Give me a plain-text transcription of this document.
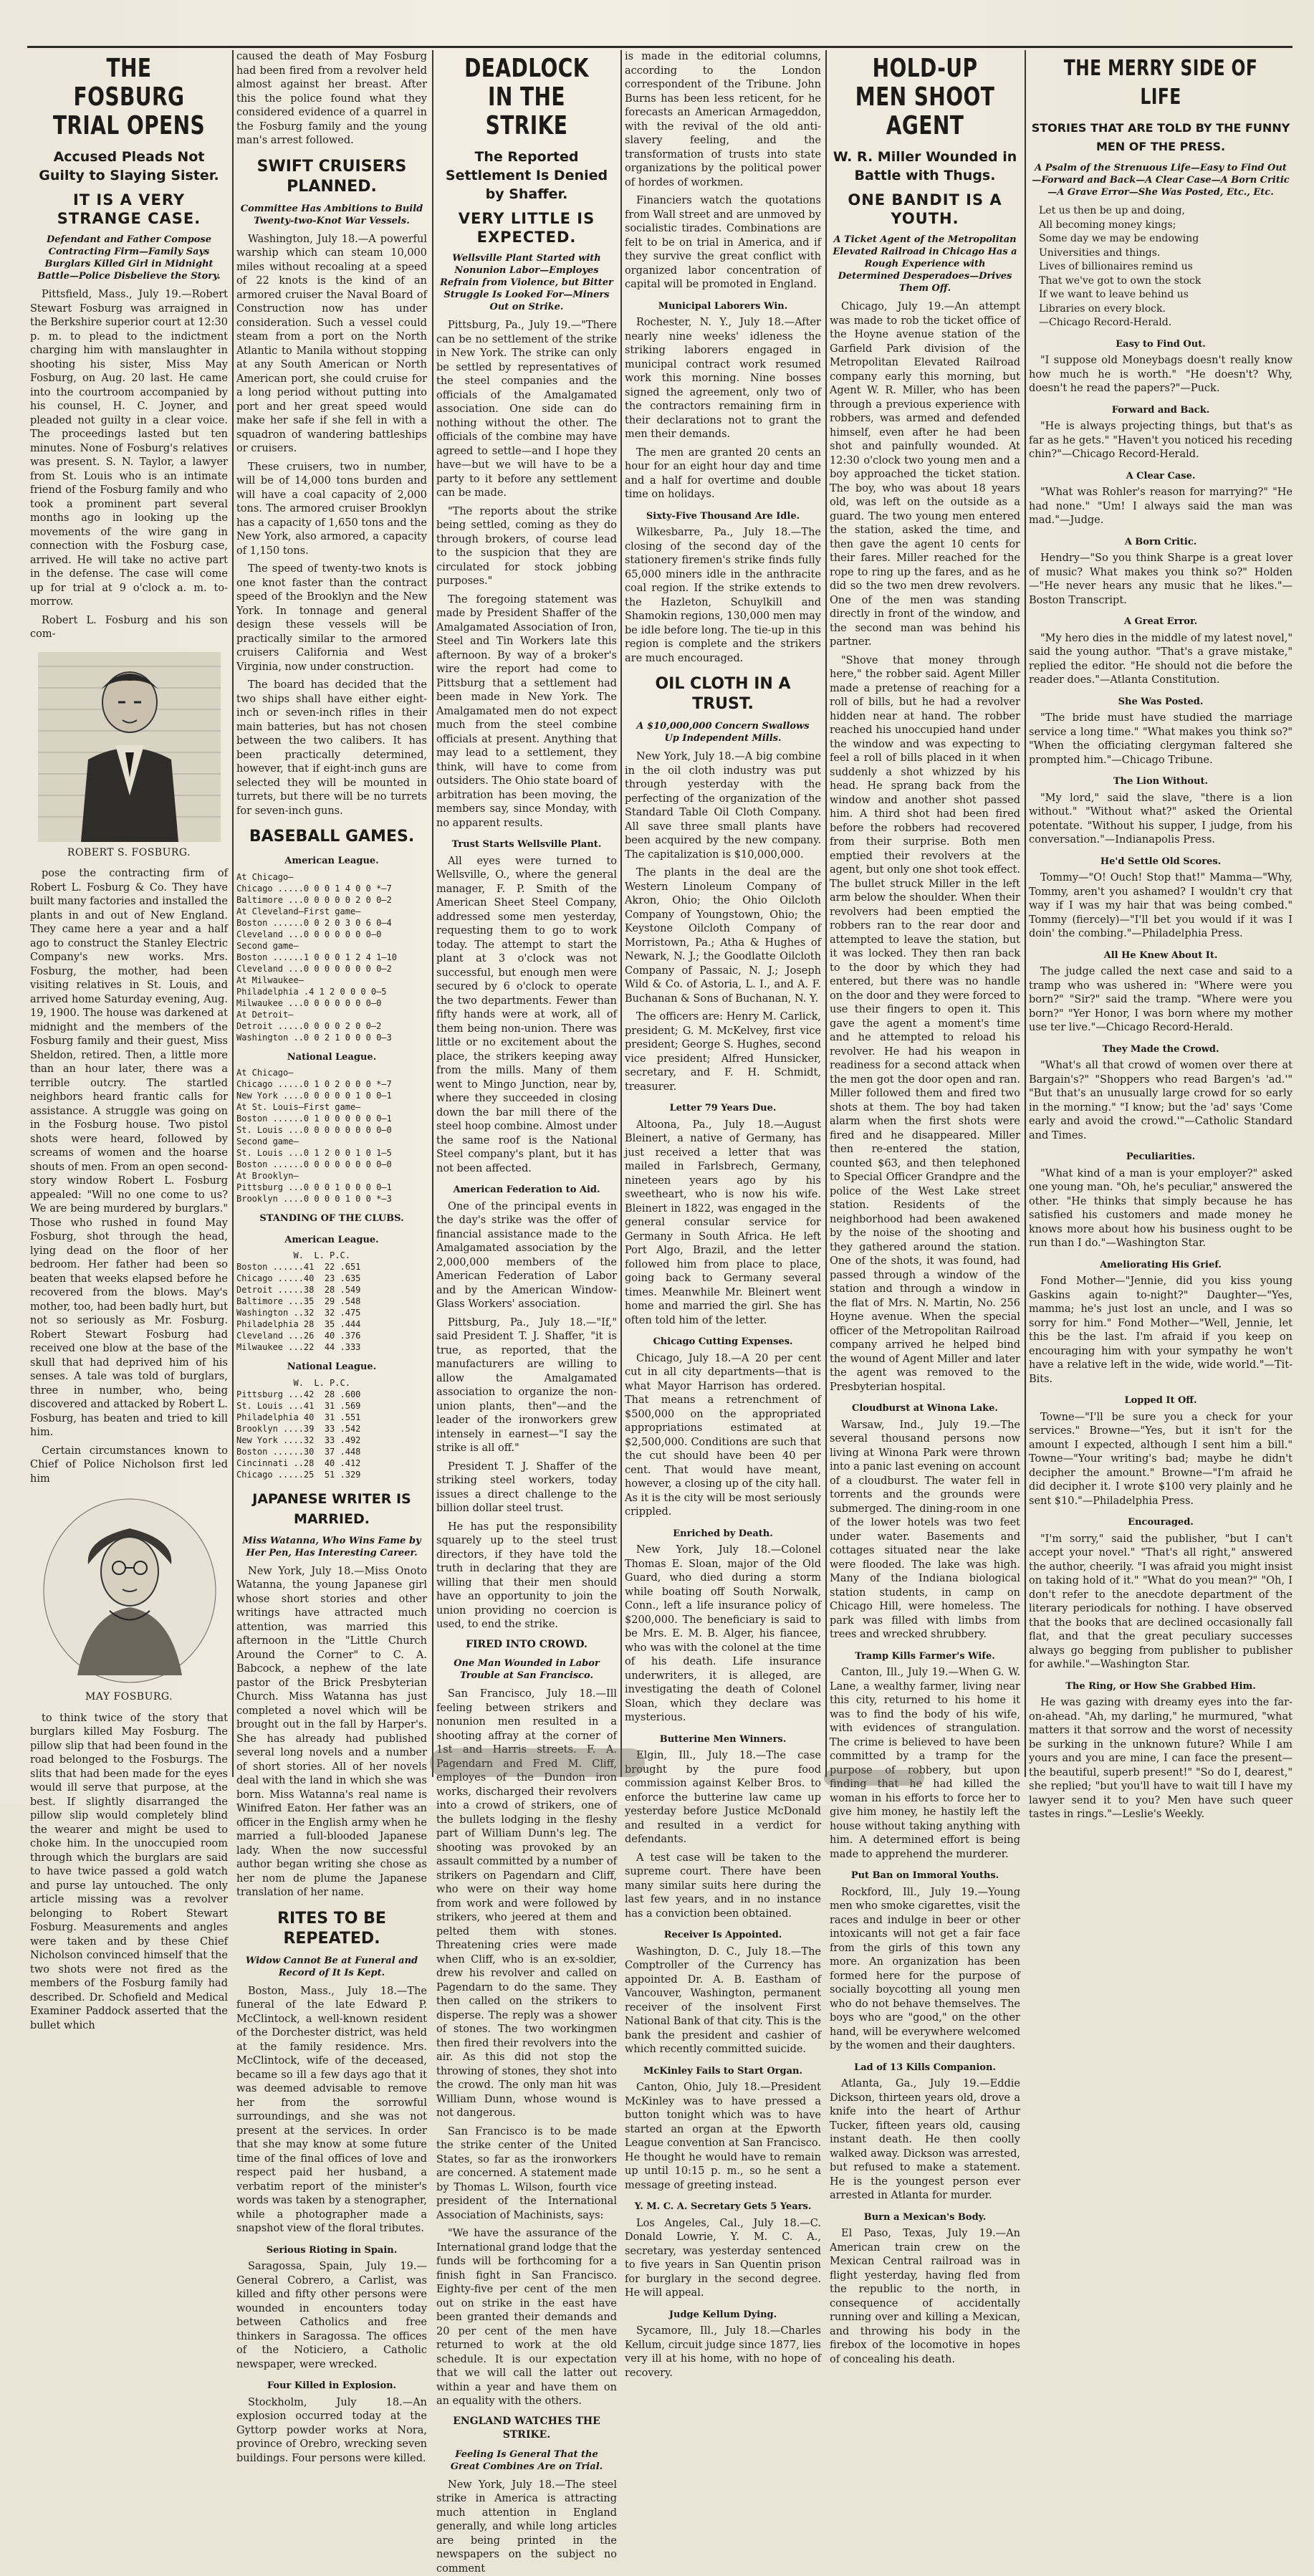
THE FOSBURG TRIAL OPENS
Accused Pleads Not Guilty to Slaying Sister.
IT IS A VERY STRANGE CASE.
Defendant and Father Compose Contracting Firm—Family Says Burglars Killed Girl in Midnight Battle—Police Disbelieve the Story.

Pittsfield, Mass., July 19.—Robert Stewart Fosburg was arraigned in the Berkshire superior court at 12:30 p. m. to plead to the indictment charging him with manslaughter in shooting his sister, Miss May Fosburg, on Aug. 20 last. He came into the courtroom accompanied by his counsel, H. C. Joyner, and pleaded not guilty in a clear voice. The proceedings lasted but ten minutes. None of Fosburg's relatives was present. S. N. Taylor, a lawyer from St. Louis who is an intimate friend of the Fosburg family and who took a prominent part several months ago in looking up the movements of the wire gang in connection with the Fosburg case, arrived. He will take no active part in the defense. The case will come up for trial at 9 o'clock a. m. to-morrow.

Robert L. Fosburg and his son com-

ROBERT S. FOSBURG.

pose the contracting firm of Robert L. Fosburg & Co. They have built many factories and installed the plants in and out of New England. They came here a year and a half ago to construct the Stanley Electric Company's new works. Mrs. Fosburg, the mother, had been visiting relatives in St. Louis, and arrived home Saturday evening, Aug. 19, 1900. The house was darkened at midnight and the members of the Fosburg family and their guest, Miss Sheldon, retired. Then, a little more than an hour later, there was a terrible outcry. The startled neighbors heard frantic calls for assistance. A struggle was going on in the Fosburg house. Two pistol shots were heard, followed by screams of women and the hoarse shouts of men. From an open second-story window Robert L. Fosburg appealed: "Will no one come to us? We are being murdered by burglars." Those who rushed in found May Fosburg, shot through the head, lying dead on the floor of her bedroom. Her father had been so beaten that weeks elapsed before he recovered from the blows. May's mother, too, had been badly hurt, but not so seriously as Mr. Fosburg. Robert Stewart Fosburg had received one blow at the base of the skull that had deprived him of his senses. A tale was told of burglars, three in number, who, being discovered and attacked by Robert L. Fosburg, has beaten and tried to kill him.

Certain circumstances known to Chief of Police Nicholson first led him

MAY FOSBURG.

to think twice of the story that burglars killed May Fosburg. The pillow slip that had been found in the road belonged to the Fosburgs. The slits that had been made for the eyes would ill serve that purpose, at the best. If slightly disarranged the pillow slip would completely blind the wearer and might be used to choke him. In the unoccupied room through which the burglars are said to have twice passed a gold watch and purse lay untouched. The only article missing was a revolver belonging to Robert Stewart Fosburg. Measurements and angles were taken and by these Chief Nicholson convinced himself that the two shots were not fired as the members of the Fosburg family had described. Dr. Schofield and Medical Examiner Paddock asserted that the bullet which

caused the death of May Fosburg had been fired from a revolver held almost against her breast. After this the police found what they considered evidence of a quarrel in the Fosburg family and the young man's arrest followed.

SWIFT CRUISERS PLANNED.
Committee Has Ambitions to Build Twenty-two-Knot War Vessels.

Washington, July 18.—A powerful warship which can steam 10,000 miles without recoaling at a speed of 22 knots is the kind of an armored cruiser the Naval Board of Construction now has under consideration. Such a vessel could steam from a port on the North Atlantic to Manila without stopping at any South American or North American port, she could cruise for a long period without putting into port and her great speed would make her safe if she fell in with a squadron of wandering battleships or cruisers.

These cruisers, two in number, will be of 14,000 tons burden and will have a coal capacity of 2,000 tons. The armored cruiser Brooklyn has a capacity of 1,650 tons and the New York, also armored, a capacity of 1,150 tons.

The speed of twenty-two knots is one knot faster than the contract speed of the Brooklyn and the New York. In tonnage and general design these vessels will be practically similar to the armored cruisers California and West Virginia, now under construction.

The board has decided that the two ships shall have either eight-inch or seven-inch rifles in their main batteries, but has not chosen between the two calibers. It has been practically determined, however, that if eight-inch guns are selected they will be mounted in turrets, but there will be no turrets for seven-inch guns.

BASEBALL GAMES.
American League.
At Chicago—
Chicago .....0 0 0 1 4 0 0 *—7
Baltimore ...0 0 0 0 0 2 0 0—2
At Cleveland—First game—
Boston ......0 0 2 0 3 0 6 0—4
Cleveland ...0 0 0 0 0 0 0—0
Second game—
Boston ......1 0 0 0 1 2 4 1—10
Cleveland ...0 0 0 0 0 0 0 0—2
At Milwaukee—
Philadelphia .4 1 2 0 0 0 0—5
Milwaukee ...0 0 0 0 0 0 0—0
At Detroit—
Detroit .....0 0 0 0 2 0 0—2
Washington ..0 0 2 1 0 0 0 0—3
National League.
At Chicago—
Chicago .....0 1 0 2 0 0 0 *—7
New York ....0 0 0 0 0 1 0 0—1
At St. Louis—First game—
Boston ......0 1 0 0 0 0 0 0—1
St. Louis ...0 0 0 0 0 0 0 0—0
Second game—
St. Louis ...0 1 2 0 0 1 0 1—5
Boston ......0 0 0 0 0 0 0 0—0
At Brooklyn—
Pittsburg ...0 0 0 1 0 0 0 0—1
Brooklyn ....0 0 0 0 1 0 0 *—3
STANDING OF THE CLUBS.
American League.
W.  L. P.C.
Boston ......41  22 .651
Chicago .....40  23 .635
Detroit .....38  28 .549
Baltimore ...35  29 .548
Washington ..32  32 .475
Philadelphia 28  35 .444
Cleveland ...26  40 .376
Milwaukee ...22  44 .333
National League.
W.  L. P.C.
Pittsburg ...42  28 .600
St. Louis ...41  31 .569
Philadelphia 40  31 .551
Brooklyn ....39  33 .542
New York ....32  33 .492
Boston ......30  37 .448
Cincinnati ..28  40 .412
Chicago .....25  51 .329
JAPANESE WRITER IS MARRIED.
Miss Watanna, Who Wins Fame by Her Pen, Has Interesting Career.

New York, July 18.—Miss Onoto Watanna, the young Japanese girl whose short stories and other writings have attracted much attention, was married this afternoon in the "Little Church Around the Corner" to C. A. Babcock, a nephew of the late pastor of the Brick Presbyterian Church. Miss Watanna has just completed a novel which will be brought out in the fall by Harper's. She has already had published several long novels and a number of short stories. All of her novels deal with the land in which she was born. Miss Watanna's real name is Winifred Eaton. Her father was an officer in the English army when he married a full-blooded Japanese lady. When the now successful author began writing she chose as her nom de plume the Japanese translation of her name.

RITES TO BE REPEATED.
Widow Cannot Be at Funeral and Record of It Is Kept.

Boston, Mass., July 18.—The funeral of the late Edward P. McClintock, a well-known resident of the Dorchester district, was held at the family residence. Mrs. McClintock, wife of the deceased, became so ill a few days ago that it was deemed advisable to remove her from the sorrowful surroundings, and she was not present at the services. In order that she may know at some future time of the final offices of love and respect paid her husband, a verbatim report of the minister's words was taken by a stenographer, while a photographer made a snapshot view of the floral tributes.

Serious Rioting in Spain.

Saragossa, Spain, July 19.—General Cobrero, a Carlist, was killed and fifty other persons were wounded in encounters today between Catholics and free thinkers in Saragossa. The offices of the Noticiero, a Catholic newspaper, were wrecked.

Four Killed in Explosion.

Stockholm, July 18.—An explosion occurred today at the Gyttorp powder works at Nora, province of Orebro, wrecking seven buildings. Four persons were killed.

DEADLOCK IN THE STRIKE
The Reported Settlement Is Denied by Shaffer.
VERY LITTLE IS EXPECTED.
Wellsville Plant Started with Nonunion Labor—Employes Refrain from Violence, but Bitter Struggle Is Looked For—Miners Out on Strike.

Pittsburg, Pa., July 19.—"There can be no settlement of the strike in New York. The strike can only be settled by representatives of the steel companies and the officials of the Amalgamated association. One side can do nothing without the other. The officials of the combine may have agreed to settle—and I hope they have—but we will have to be a party to it before any settlement can be made.

"The reports about the strike being settled, coming as they do through brokers, of course lead to the suspicion that they are circulated for stock jobbing purposes."

The foregoing statement was made by President Shaffer of the Amalgamated Association of Iron, Steel and Tin Workers late this afternoon. By way of a broker's wire the report had come to Pittsburg that a settlement had been made in New York. The Amalgamated men do not expect much from the steel combine officials at present. Anything that may lead to a settlement, they think, will have to come from outsiders. The Ohio state board of arbitration has been moving, the members say, since Monday, with no apparent results.

Trust Starts Wellsville Plant.

All eyes were turned to Wellsville, O., where the general manager, F. P. Smith of the American Sheet Steel Company, addressed some men yesterday, requesting them to go to work today. The attempt to start the plant at 3 o'clock was not successful, but enough men were secured by 6 o'clock to operate the two departments. Fewer than fifty hands were at work, all of them being non-union. There was little or no excitement about the place, the strikers keeping away from the mills. Many of them went to Mingo Junction, near by, where they succeeded in closing down the bar mill there of the steel hoop combine. Almost under the same roof is the National Steel company's plant, but it has not been affected.

American Federation to Aid.

One of the principal events in the day's strike was the offer of financial assistance made to the Amalgamated association by the 2,000,000 members of the American Federation of Labor and by the American Window-Glass Workers' association.

Pittsburg, Pa., July 18.—"If," said President T. J. Shaffer, "it is true, as reported, that the manufacturers are willing to allow the Amalgamated association to organize the non-union plants, then"—and the leader of the ironworkers grew intensely in earnest—"I say the strike is all off."

President T. J. Shaffer of the striking steel workers, today issues a direct challenge to the billion dollar steel trust.

He has put the responsibility squarely up to the steel trust directors, if they have told the truth in declaring that they are willing that their men should have an opportunity to join the union providing no coercion is used, to end the strike.

FIRED INTO CROWD.
One Man Wounded in Labor Trouble at San Francisco.

San Francisco, July 18.—Ill feeling between strikers and nonunion men resulted in a shooting affray at the corner of 1st and Harris streets. F. A. Pagendarn and Fred M. Cliff, employes of the Dundon iron works, discharged their revolvers into a crowd of strikers, one of the bullets lodging in the fleshy part of William Dunn's leg. The shooting was provoked by an assault committed by a number of strikers on Pagendarn and Cliff, who were on their way home from work and were followed by strikers, who jeered at them and pelted them with stones. Threatening cries were made when Cliff, who is an ex-soldier, drew his revolver and called on Pagendarn to do the same. They then called on the strikers to disperse. The reply was a shower of stones. The two workingmen then fired their revolvers into the air. As this did not stop the throwing of stones, they shot into the crowd. The only man hit was William Dunn, whose wound is not dangerous.

San Francisco is to be made the strike center of the United States, so far as the ironworkers are concerned. A statement made by Thomas L. Wilson, fourth vice president of the International Association of Machinists, says:

"We have the assurance of the International grand lodge that the funds will be forthcoming for a finish fight in San Francisco. Eighty-five per cent of the men out on strike in the east have been granted their demands and 20 per cent of the men have returned to work at the old schedule. It is our expectation that we will call the latter out within a year and have them on an equality with the others.

ENGLAND WATCHES THE STRIKE.
Feeling Is General That the Great Combines Are on Trial.

New York, July 18.—The steel strike in America is attracting much attention in England generally, and while long articles are being printed in the newspapers on the subject no comment

is made in the editorial columns, according to the London correspondent of the Tribune. John Burns has been less reticent, for he forecasts an American Armageddon, with the revival of the old anti-slavery feeling, and the transformation of trusts into state organizations by the political power of hordes of workmen.

Financiers watch the quotations from Wall street and are unmoved by socialistic tirades. Combinations are felt to be on trial in America, and if they survive the great conflict with organized labor concentration of capital will be promoted in England.

Municipal Laborers Win.

Rochester, N. Y., July 18.—After nearly nine weeks' idleness the striking laborers engaged in municipal contract work resumed work this morning. Nine bosses signed the agreement, only two of the contractors remaining firm in their declarations not to grant the men their demands.

The men are granted 20 cents an hour for an eight hour day and time and a half for overtime and double time on holidays.

Sixty-Five Thousand Are Idle.

Wilkesbarre, Pa., July 18.—The closing of the second day of the stationery firemen's strike finds fully 65,000 miners idle in the anthracite coal region. If the strike extends to the Hazleton, Schuylkill and Shamokin regions, 130,000 men may be idle before long. The tie-up in this region is complete and the strikers are much encouraged.

OIL CLOTH IN A TRUST.
A $10,000,000 Concern Swallows Up Independent Mills.

New York, July 18.—A big combine in the oil cloth industry was put through yesterday with the perfecting of the organization of the Standard Table Oil Cloth Company. All save three small plants have been acquired by the new company. The capitalization is $10,000,000.

The plants in the deal are the Western Linoleum Company of Akron, Ohio; the Ohio Oilcloth Company of Youngstown, Ohio; the Keystone Oilcloth Company of Morristown, Pa.; Atha & Hughes of Newark, N. J.; the Goodlatte Oilcloth Company of Passaic, N. J.; Joseph Wild & Co. of Astoria, L. I., and A. F. Buchanan & Sons of Buchanan, N. Y.

The officers are: Henry M. Carlick, president; G. M. McKelvey, first vice president; George S. Hughes, second vice president; Alfred Hunsicker, secretary, and F. H. Schmidt, treasurer.

Letter 79 Years Due.

Altoona, Pa., July 18.—August Bleinert, a native of Germany, has just received a letter that was mailed in Farlsbrech, Germany, nineteen years ago by his sweetheart, who is now his wife. Bleinert in 1822, was engaged in the general consular service for Germany in South Africa. He left Port Algo, Brazil, and the letter followed him from place to place, going back to Germany several times. Meanwhile Mr. Bleinert went home and married the girl. She has often told him of the letter.

Chicago Cutting Expenses.

Chicago, July 18.—A 20 per cent cut in all city departments—that is what Mayor Harrison has ordered. That means a retrenchment of $500,000 on the appropriated appropriations estimated at $2,500,000. Conditions are such that the cut should have been 40 per cent. That would have meant, however, a closing up of the city hall. As it is the city will be most seriously crippled.

Enriched by Death.

New York, July 18.—Colonel Thomas E. Sloan, major of the Old Guard, who died during a storm while boating off South Norwalk, Conn., left a life insurance policy of $200,000. The beneficiary is said to be Mrs. E. M. B. Alger, his fiancee, who was with the colonel at the time of his death. Life insurance underwriters, it is alleged, are investigating the death of Colonel Sloan, which they declare was mysterious.

Butterine Men Winners.

Elgin, Ill., July 18.—The case brought by the pure food commission against Kelber Bros. to enforce the butterine law came up yesterday before Justice McDonald and resulted in a verdict for defendants.

A test case will be taken to the supreme court. There have been many similar suits here during the last few years, and in no instance has a conviction been obtained.

Receiver Is Appointed.

Washington, D. C., July 18.—The Comptroller of the Currency has appointed Dr. A. B. Eastham of Vancouver, Washington, permanent receiver of the insolvent First National Bank of that city. This is the bank the president and cashier of which recently committed suicide.

McKinley Fails to Start Organ.

Canton, Ohio, July 18.—President McKinley was to have pressed a button tonight which was to have started an organ at the Epworth League convention at San Francisco. He thought he would have to remain up until 10:15 p. m., so he sent a message of greeting instead.

Y. M. C. A. Secretary Gets 5 Years.

Los Angeles, Cal., July 18.—C. Donald Lowrie, Y. M. C. A., secretary, was yesterday sentenced to five years in San Quentin prison for burglary in the second degree. He will appeal.

Judge Kellum Dying.

Sycamore, Ill., July 18.—Charles Kellum, circuit judge since 1877, lies very ill at his home, with no hope of recovery.

HOLD-UP MEN SHOOT AGENT
W. R. Miller Wounded in Battle with Thugs.
ONE BANDIT IS A YOUTH.
A Ticket Agent of the Metropolitan Elevated Railroad in Chicago Has a Rough Experience with Determined Desperadoes—Drives Them Off.

Chicago, July 19.—An attempt was made to rob the ticket office of the Hoyne avenue station of the Garfield Park division of the Metropolitan Elevated Railroad company early this morning, but Agent W. R. Miller, who has been through a previous experience with robbers, was armed and defended himself, even after he had been shot and painfully wounded. At 12:30 o'clock two young men and a boy approached the ticket station. The boy, who was about 18 years old, was left on the outside as a guard. The two young men entered the station, asked the time, and then gave the agent 10 cents for their fares. Miller reached for the rope to ring up the fares, and as he did so the two men drew revolvers. One of the men was standing directly in front of the window, and the second man was behind his partner.

"Shove that money through here," the robber said. Agent Miller made a pretense of reaching for a roll of bills, but he had a revolver hidden near at hand. The robber reached his unoccupied hand under the window and was expecting to feel a roll of bills placed in it when suddenly a shot whizzed by his head. He sprang back from the window and another shot passed him. A third shot had been fired before the robbers had recovered from their surprise. Both men emptied their revolvers at the agent, but only one shot took effect. The bullet struck Miller in the left arm below the shoulder. When their revolvers had been emptied the robbers ran to the rear door and attempted to leave the station, but it was locked. They then ran back to the door by which they had entered, but there was no handle on the door and they were forced to use their fingers to open it. This gave the agent a moment's time and he attempted to reload his revolver. He had his weapon in readiness for a second attack when the men got the door open and ran. Miller followed them and fired two shots at them. The boy had taken alarm when the first shots were fired and he disappeared. Miller then re-entered the station, counted $63, and then telephoned to Special Officer Grandpre and the police of the West Lake street station. Residents of the neighborhood had been awakened by the noise of the shooting and they gathered around the station. One of the shots, it was found, had passed through a window of the station and through a window in the flat of Mrs. N. Martin, No. 256 Hoyne avenue. When the special officer of the Metropolitan Railroad company arrived he helped bind the wound of Agent Miller and later the agent was removed to the Presbyterian hospital.

Cloudburst at Winona Lake.

Warsaw, Ind., July 19.—The several thousand persons now living at Winona Park were thrown into a panic last evening on account of a cloudburst. The water fell in torrents and the grounds were submerged. The dining-room in one of the lower hotels was two feet under water. Basements and cottages situated near the lake were flooded. The lake was high. Many of the Indiana biological station students, in camp on Chicago Hill, were homeless. The park was filled with limbs from trees and wrecked shrubbery.

Tramp Kills Farmer's Wife.

Canton, Ill., July 19.—When G. W. Lane, a wealthy farmer, living near this city, returned to his home it was to find the body of his wife, with evidences of strangulation. The crime is believed to have been committed by a tramp for the purpose of robbery, but upon finding that he had killed the woman in his efforts to force her to give him money, he hastily left the house without taking anything with him. A determined effort is being made to apprehend the murderer.

Put Ban on Immoral Youths.

Rockford, Ill., July 19.—Young men who smoke cigarettes, visit the races and indulge in beer or other intoxicants will not get a fair face from the girls of this town any more. An organization has been formed here for the purpose of socially boycotting all young men who do not behave themselves. The boys who are "good," on the other hand, will be everywhere welcomed by the women and their daughters.

Lad of 13 Kills Companion.

Atlanta, Ga., July 19.—Eddie Dickson, thirteen years old, drove a knife into the heart of Arthur Tucker, fifteen years old, causing instant death. He then coolly walked away. Dickson was arrested, but refused to make a statement. He is the youngest person ever arrested in Atlanta for murder.

Burn a Mexican's Body.

El Paso, Texas, July 19.—An American train crew on the Mexican Central railroad was in flight yesterday, having fled from the republic to the north, in consequence of accidentally running over and killing a Mexican, and throwing his body in the firebox of the locomotive in hopes of concealing his death.

THE MERRY SIDE OF LIFE
STORIES THAT ARE TOLD BY THE FUNNY MEN OF THE PRESS.
A Psalm of the Strenuous Life—Easy to Find Out—Forward and Back—A Clear Case—A Born Critic—A Grave Error—She Was Posted, Etc., Etc.

Let us then be up and doing,
All becoming money kings;
Some day we may be endowing
Universities and things.
Lives of billionaires remind us
That we've got to own the stock
If we want to leave behind us
Libraries on every block.
—Chicago Record-Herald.

Easy to Find Out.

"I suppose old Moneybags doesn't really know how much he is worth." "He doesn't? Why, doesn't he read the papers?"—Puck.

Forward and Back.

"He is always projecting things, but that's as far as he gets." "Haven't you noticed his receding chin?"—Chicago Record-Herald.

A Clear Case.

"What was Rohler's reason for marrying?" "He had none." "Um! I always said the man was mad."—Judge.

A Born Critic.

Hendry—"So you think Sharpe is a great lover of music? What makes you think so?" Holden—"He never hears any music that he likes."—Boston Transcript.

A Great Error.

"My hero dies in the middle of my latest novel," said the young author. "That's a grave mistake," replied the editor. "He should not die before the reader does."—Atlanta Constitution.

She Was Posted.

"The bride must have studied the marriage service a long time." "What makes you think so?" "When the officiating clergyman faltered she prompted him."—Chicago Tribune.

The Lion Without.

"My lord," said the slave, "there is a lion without." "Without what?" asked the Oriental potentate. "Without his supper, I judge, from his conversation."—Indianapolis Press.

He'd Settle Old Scores.

Tommy—"O! Ouch! Stop that!" Mamma—"Why, Tommy, aren't you ashamed? I wouldn't cry that way if I was my hair that was being combed." Tommy (fiercely)—"I'll bet you would if it was I doin' the combing."—Philadelphia Press.

All He Knew About It.

The judge called the next case and said to a tramp who was ushered in: "Where were you born?" "Sir?" said the tramp. "Where were you born?" "Yer Honor, I was born where my mother use ter live."—Chicago Record-Herald.

They Made the Crowd.

"What's all that crowd of women over there at Bargain's?" "Shoppers who read Bargen's 'ad.'" "But that's an unusually large crowd for so early in the morning." "I know; but the 'ad' says 'Come early and avoid the crowd.'"—Catholic Standard and Times.

Peculiarities.

"What kind of a man is your employer?" asked one young man. "Oh, he's peculiar," answered the other. "He thinks that simply because he has satisfied his customers and made money he knows more about how his business ought to be run than I do."—Washington Star.

Ameliorating His Grief.

Fond Mother—"Jennie, did you kiss young Gaskins again to-night?" Daughter—"Yes, mamma; he's just lost an uncle, and I was so sorry for him." Fond Mother—"Well, Jennie, let this be the last. I'm afraid if you keep on encouraging him with your sympathy he won't have a relative left in the wide, wide world."—Tit-Bits.

Lopped It Off.

Towne—"I'll be sure you a check for your services." Browne—"Yes, but it isn't for the amount I expected, although I sent him a bill." Towne—"Your writing's bad; maybe he didn't decipher the amount." Browne—"I'm afraid he did decipher it. I wrote $100 very plainly and he sent $10."—Philadelphia Press.

Encouraged.

"I'm sorry," said the publisher, "but I can't accept your novel." "That's all right," answered the author, cheerily. "I was afraid you might insist on taking hold of it." "What do you mean?" "Oh, I don't refer to the anecdote department of the literary periodicals for nothing. I have observed that the books that are declined occasionally fall flat, and that the great peculiary successes always go begging from publisher to publisher for awhile."—Washington Star.

The Ring, or How She Grabbed Him.

He was gazing with dreamy eyes into the far-on-ahead. "Ah, my darling," he murmured, "what matters it that sorrow and the worst of necessity be surking in the unknown future? While I am yours and you are mine, I can face the present—the beautiful, superb present!" "So do I, dearest," she replied; "but you'll have to wait till I have my lawyer send it to you? Men have such queer tastes in rings."—Leslie's Weekly.
